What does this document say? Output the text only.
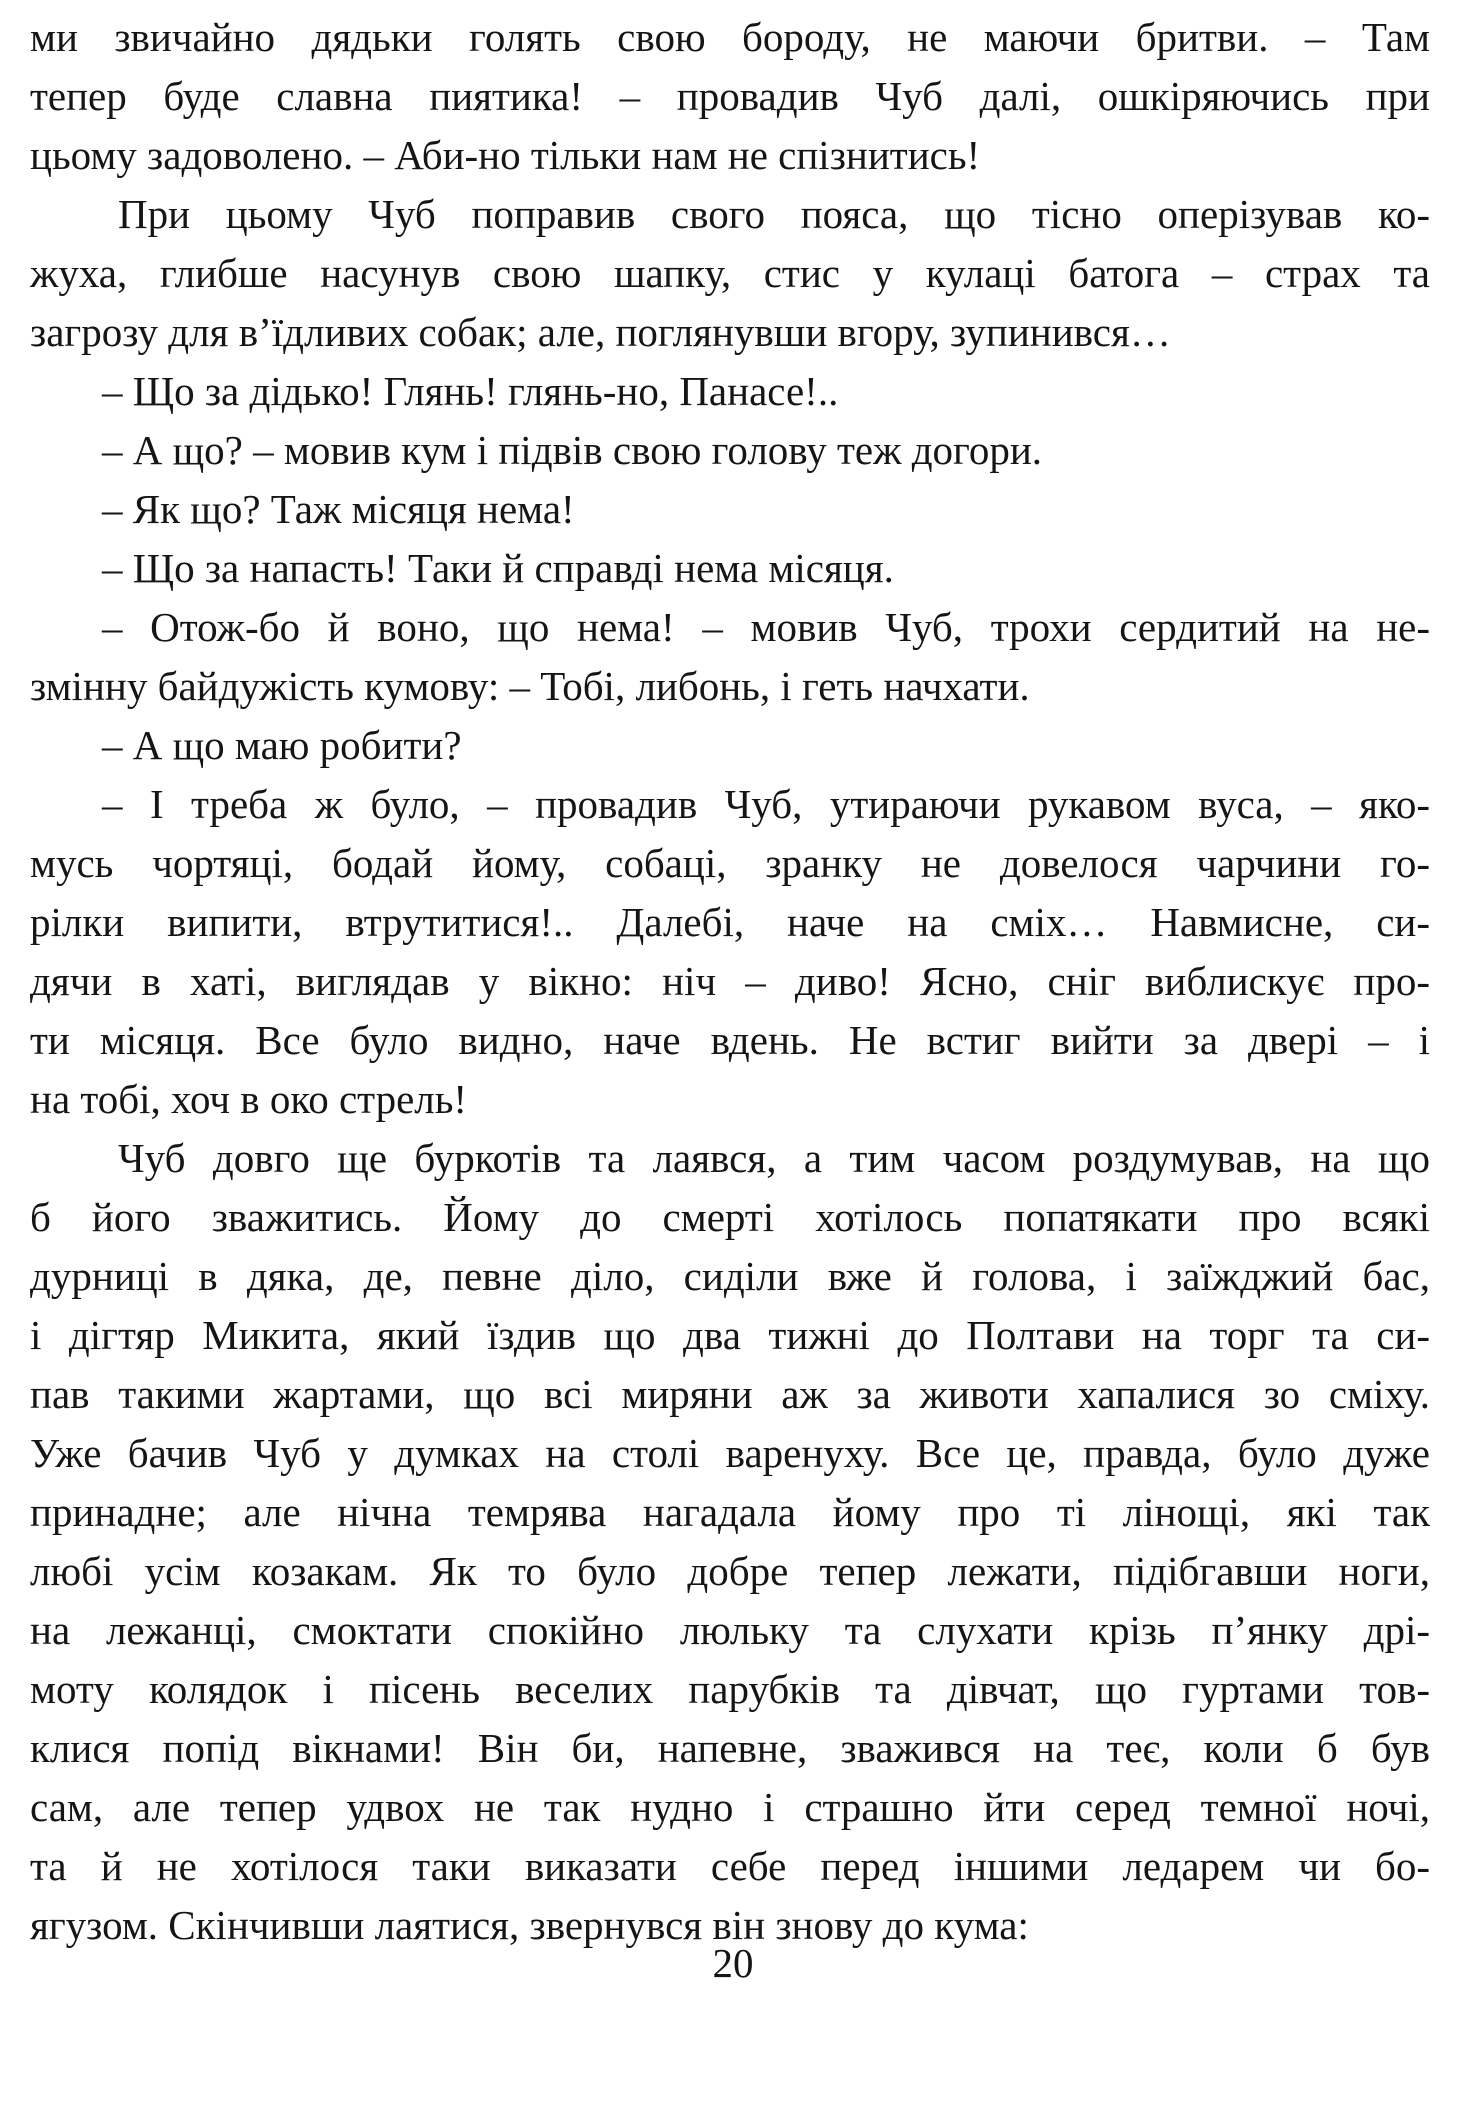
ми звичайно дядьки голять свою бороду, не маючи бритви. – Там
тепер буде славна пиятика! – провадив Чуб далі, ошкіряючись при
цьому задоволено. – Аби-но тільки нам не спізнитись!
При цьому Чуб поправив свого пояса, що тісно оперізував ко-
жуха, глибше насунув свою шапку, стис у кулаці батога – страх та
загрозу для в’їдливих собак; але, поглянувши вгору, зупинився…
– Що за дідько! Глянь! глянь-но, Панасе!..
– А що? – мовив кум і підвів свою голову теж догори.
– Як що? Таж місяця нема!
– Що за напасть! Таки й справді нема місяця.
– Отож-бо й воно, що нема! – мовив Чуб, трохи сердитий на не-
змінну байдужість кумову: – Тобі, либонь, і геть начхати.
– А що маю робити?
– І треба ж було, – провадив Чуб, утираючи рукавом вуса, – яко-
мусь чортяці, бодай йому, собаці, зранку не довелося чарчини го-
рілки випити, втрутитися!.. Далебі, наче на сміх… Навмисне, си-
дячи в хаті, виглядав у вікно: ніч – диво! Ясно, сніг виблискує про-
ти місяця. Все було видно, наче вдень. Не встиг вийти за двері – і
на тобі, хоч в око стрель!
Чуб довго ще буркотів та лаявся, а тим часом роздумував, на що
б його зважитись. Йому до смерті хотілось попатякати про всякі
дурниці в дяка, де, певне діло, сиділи вже й голова, і заїжджий бас,
і дігтяр Микита, який їздив що два тижні до Полтави на торг та си-
пав такими жартами, що всі миряни аж за животи хапалися зо сміху.
Уже бачив Чуб у думках на столі варенуху. Все це, правда, було дуже
принадне; але нічна темрява нагадала йому про ті лінощі, які так
любі усім козакам. Як то було добре тепер лежати, підібгавши ноги,
на лежанці, смоктати спокійно люльку та слухати крізь п’янку дрі-
моту колядок і пісень веселих парубків та дівчат, що гуртами тов-
клися попід вікнами! Він би, напевне, зважився на теє, коли б був
сам, але тепер удвох не так нудно і страшно йти серед темної ночі,
та й не хотілося таки виказати себе перед іншими ледарем чи бо-
ягузом. Скінчивши лаятися, звернувся він знову до кума:
20
